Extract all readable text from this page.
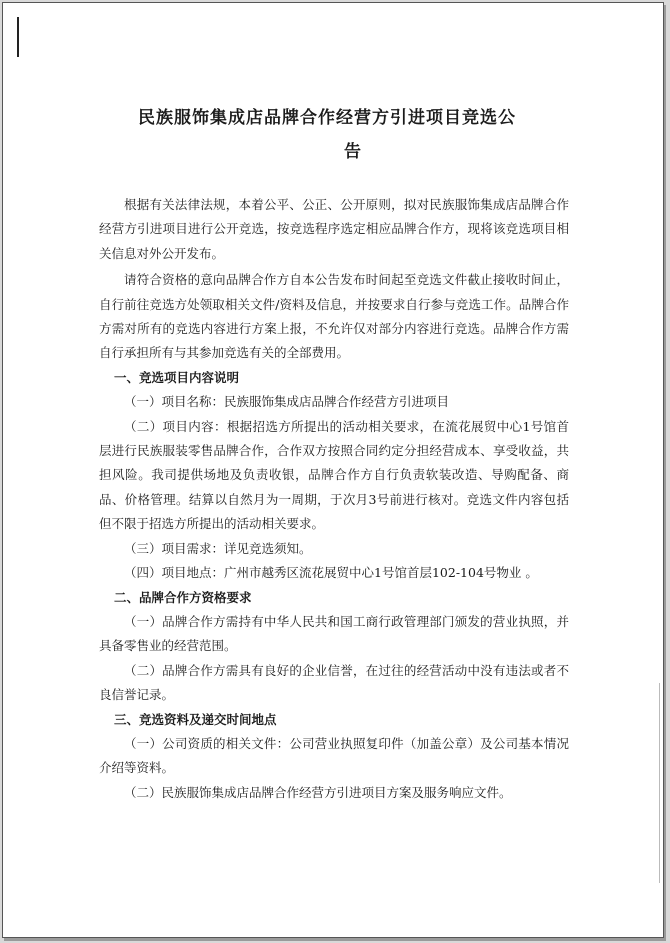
民族服饰集成店品牌合作经营方引进项目竞选公
告

根据有关法律法规，本着公平、公正、公开原则，拟对民族服饰集成店品牌合作经营方引进项目进行公开竞选，按竞选程序选定相应品牌合作方，现将该竞选项目相关信息对外公开发布。

请符合资格的意向品牌合作方自本公告发布时间起至竞选文件截止接收时间止，自行前往竞选方处领取相关文件/资料及信息，并按要求自行参与竞选工作。品牌合作方需对所有的竞选内容进行方案上报，不允许仅对部分内容进行竞选。品牌合作方需自行承担所有与其参加竞选有关的全部费用。

一、竞选项目内容说明

（一）项目名称：民族服饰集成店品牌合作经营方引进项目

（二）项目内容：根据招选方所提出的活动相关要求，在流花展贸中心1号馆首层进行民族服装零售品牌合作，合作双方按照合同约定分担经营成本、享受收益，共担风险。我司提供场地及负责收银，品牌合作方自行负责软装改造、导购配备、商品、价格管理。结算以自然月为一周期，于次月3号前进行核对。竞选文件内容包括但不限于招选方所提出的活动相关要求。

（三）项目需求：详见竞选须知。

（四）项目地点：广州市越秀区流花展贸中心1号馆首层102-104号物业 。

二、品牌合作方资格要求

（一）品牌合作方需持有中华人民共和国工商行政管理部门颁发的营业执照，并具备零售业的经营范围。

（二）品牌合作方需具有良好的企业信誉，在过往的经营活动中没有违法或者不良信誉记录。

三、竞选资料及递交时间地点

（一）公司资质的相关文件：公司营业执照复印件（加盖公章）及公司基本情况介绍等资料。

（二）民族服饰集成店品牌合作经营方引进项目方案及服务响应文件。
